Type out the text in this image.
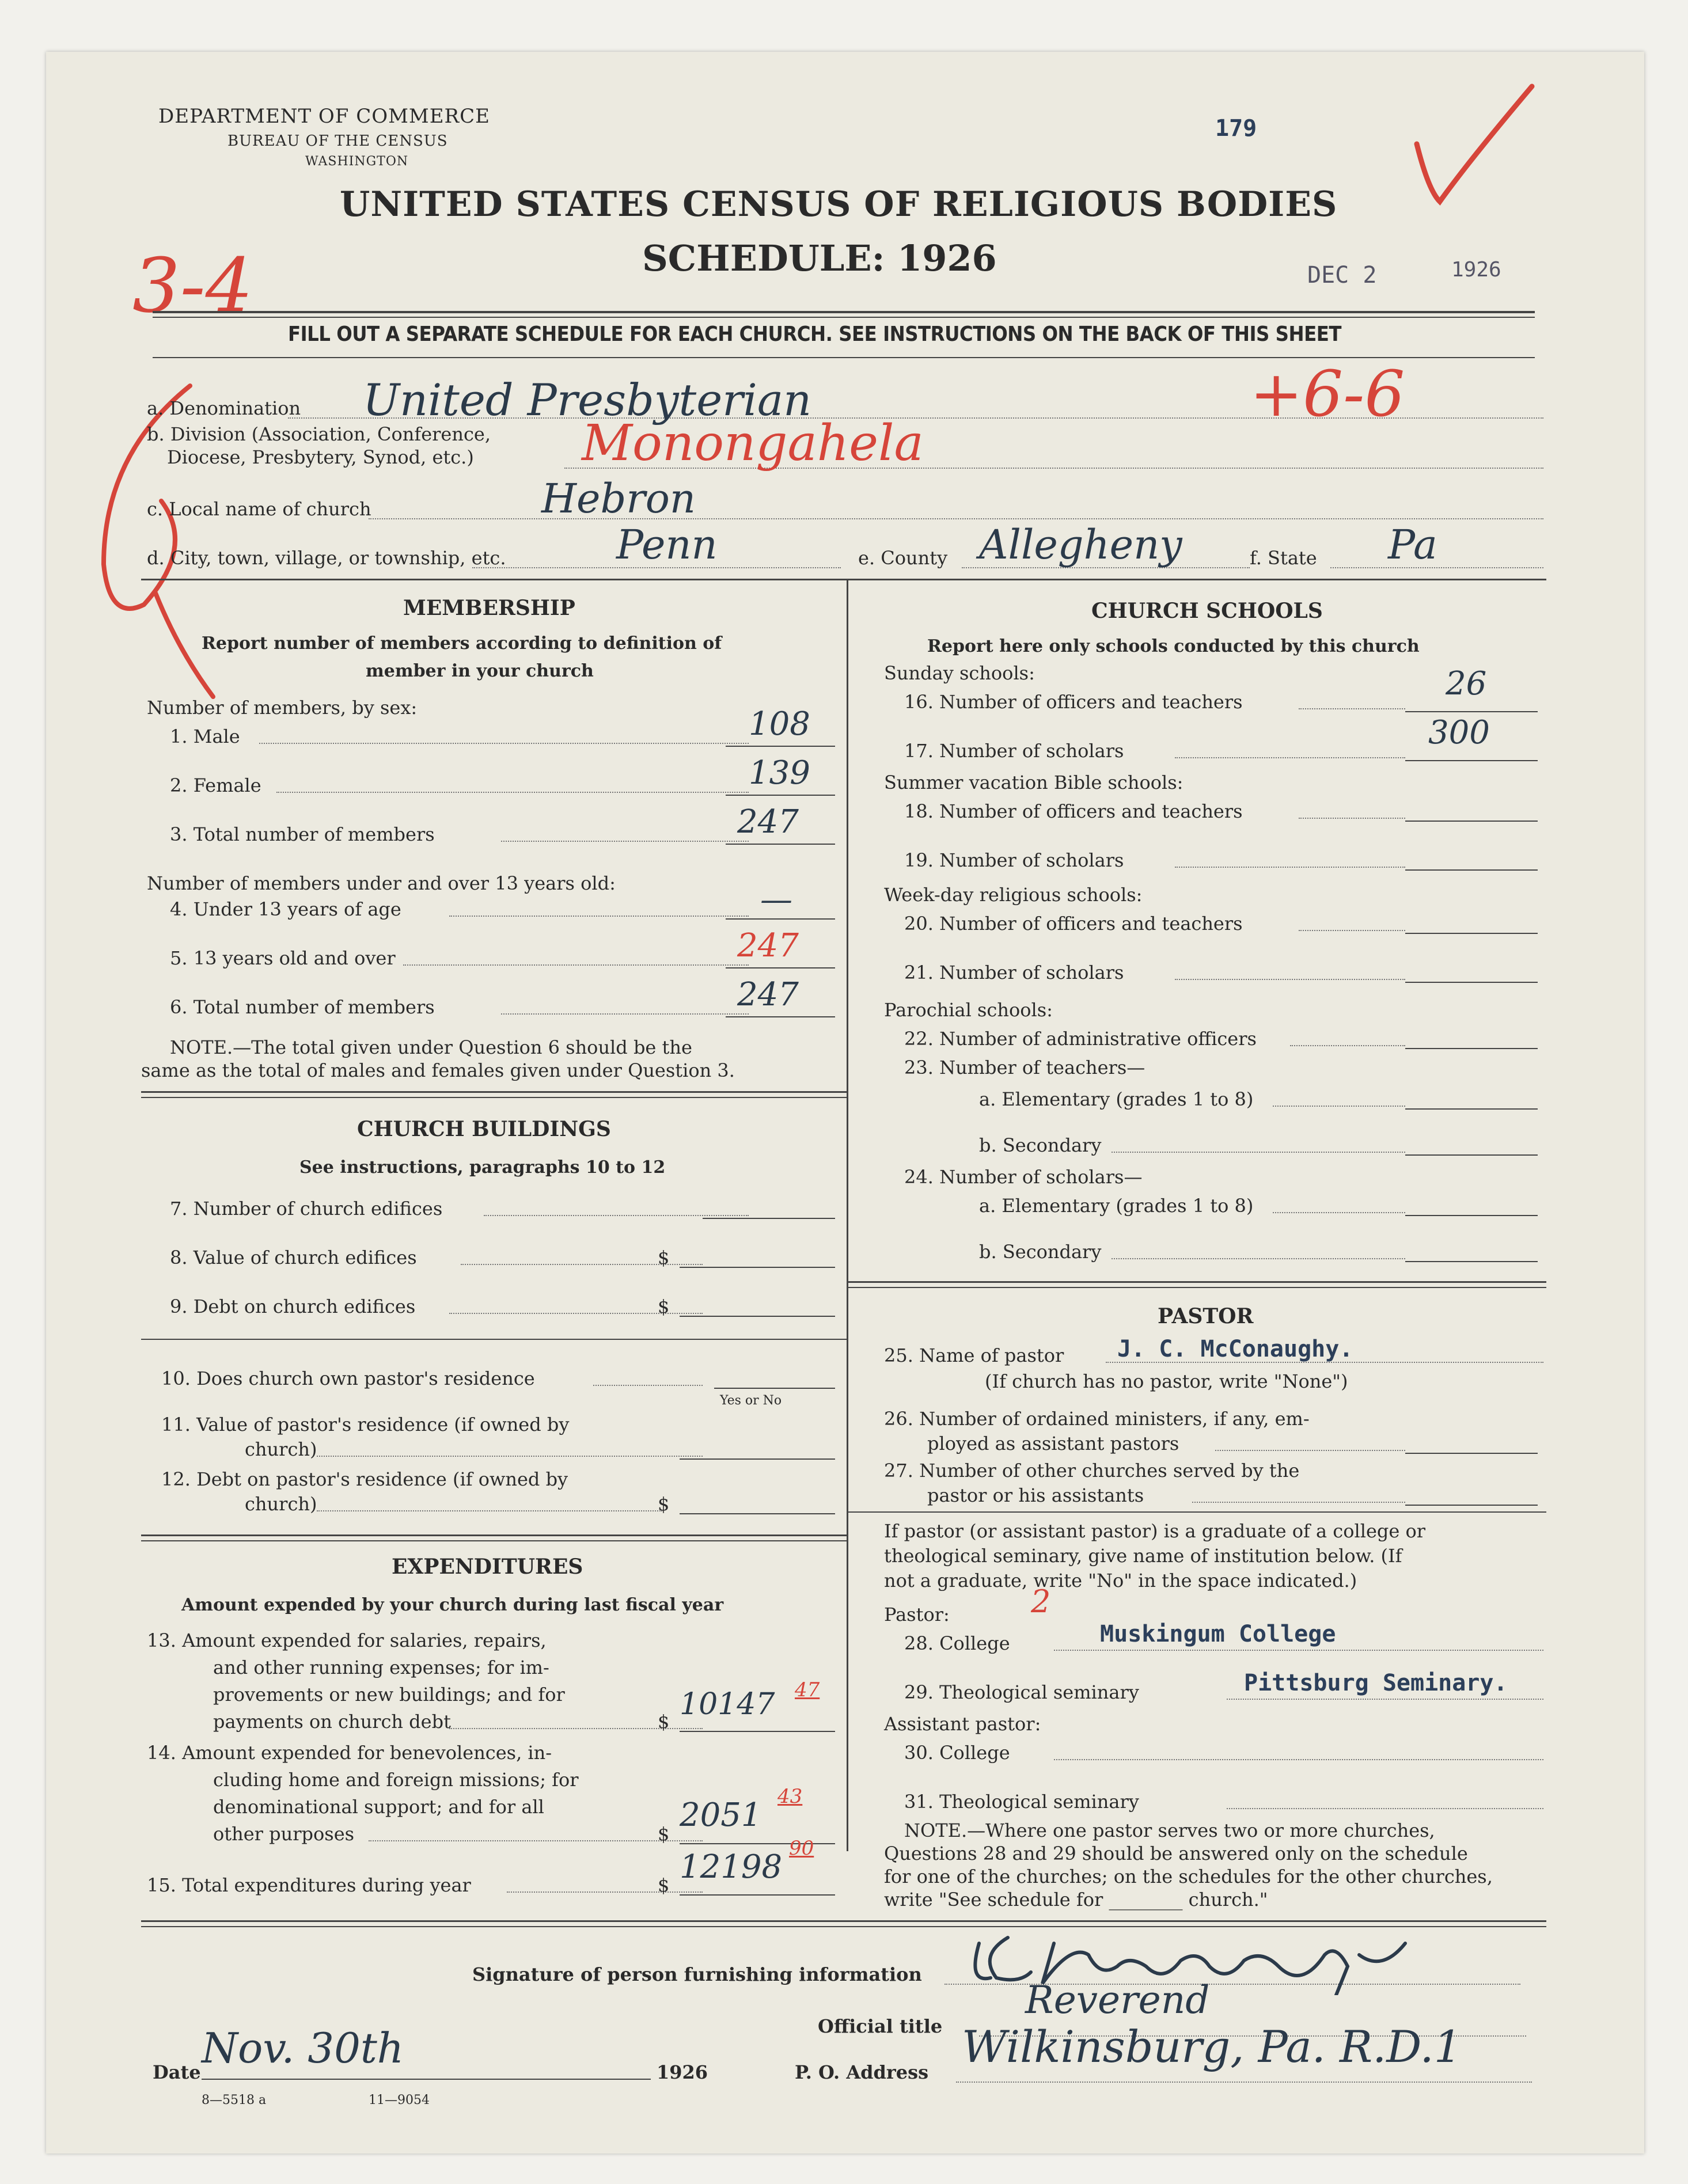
DEPARTMENT OF COMMERCE
BUREAU OF THE CENSUS
WASHINGTON
179
UNITED STATES CENSUS OF RELIGIOUS BODIES
SCHEDULE: 1926	DEC 2	1926
3-4
+6-6
FILL OUT A SEPARATE SCHEDULE FOR EACH CHURCH. SEE INSTRUCTIONS ON THE BACK OF THIS SHEET
a. Denomination United Presbyterian
b. Division (Association, Conference,
Diocese, Presbytery, Synod, etc.) Monongahela
c. Local name of church	Hebron
d. City, town, village, or township, etc.	Penn	e. County Allegheny	f. State Pa
MEMBERSHIP
Report number of members according to definition of
member in your church
Number of members, by sex:
1. Male	108
2. Female	139
3. Total number of members	247
Number of members under and over 13 years old:
4. Under 13 years of age	—
5. 13 years old and over	247
6. Total number of members	247
NOTE.—The total given under Question 6 should be the
same as the total of males and females given under Question 3.
CHURCH BUILDINGS
See instructions, paragraphs 10 to 12
7. Number of church edifices
8. Value of church edifices	$
9. Debt on church edifices	$
10. Does church own pastor's residence
Yes or No
11. Value of pastor's residence (if owned by
church)
12. Debt on pastor's residence (if owned by
church)	$
EXPENDITURES
Amount expended by your church during last fiscal year
13. Amount expended for salaries, repairs,
and other running expenses; for im-
provements or new buildings; and for
payments on church debt	$ 10147 47
14. Amount expended for benevolences, in-
cluding home and foreign missions; for
denominational support; and for all
other purposes	$ 2051 43
15. Total expenditures during year	$ 12198 90
CHURCH SCHOOLS
Report here only schools conducted by this church
Sunday schools:
16. Number of officers and teachers	26
17. Number of scholars	300
Summer vacation Bible schools:
18. Number of officers and teachers
19. Number of scholars
Week-day religious schools:
20. Number of officers and teachers
21. Number of scholars
Parochial schools:
22. Number of administrative officers
23. Number of teachers—
a. Elementary (grades 1 to 8)
b. Secondary
24. Number of scholars—
a. Elementary (grades 1 to 8)
b. Secondary
PASTOR
25. Name of pastor J. C. McConaughy.
(If church has no pastor, write "None")
26. Number of ordained ministers, if any, em-
ployed as assistant pastors
27. Number of other churches served by the
pastor or his assistants
If pastor (or assistant pastor) is a graduate of a college or
theological seminary, give name of institution below. (If
not a graduate, write "No" in the space indicated.)
Pastor:	2
28. College	Muskingum College
29. Theological seminary	Pittsburg Seminary.
Assistant pastor:
30. College
31. Theological seminary
NOTE.—Where one pastor serves two or more churches,
Questions 28 and 29 should be answered only on the schedule
for one of the churches; on the schedules for the other churches,
write "See schedule for ________ church."
Signature of person furnishing information
Official title
Reverend
Date Nov. 30th	1926	P. O. Address Wilkinsburg, Pa. R.D.1
8—5518 a	11—9054
